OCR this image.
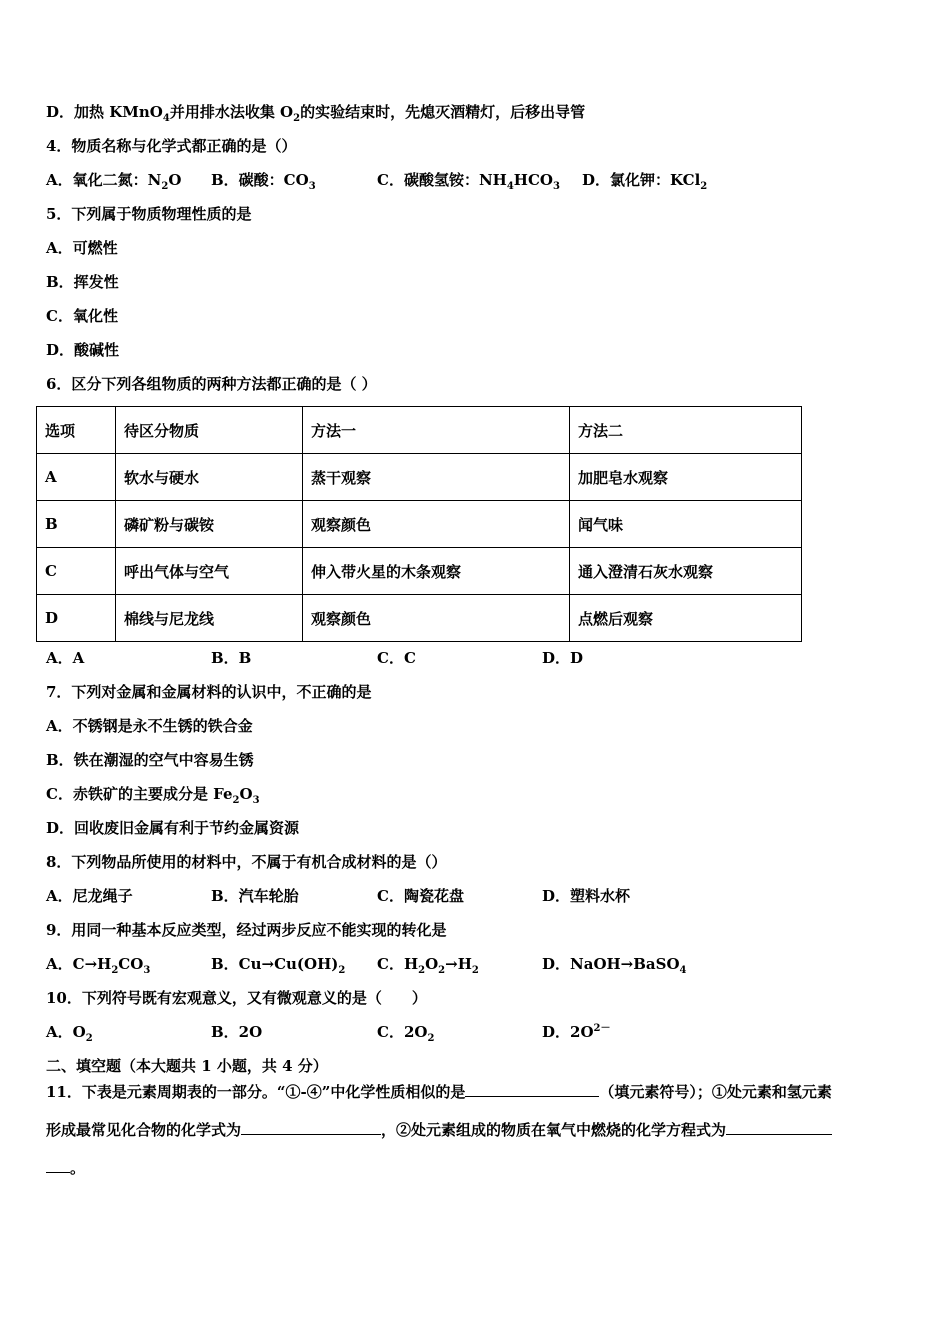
D．加热 KMnO$_4$并用排水法收集 $O_2$的实验结束时，先熄灭酒精灯，后移出导管
4．物质名称与化学式都正确的是（）
A．氧化二氮：$N_2O$ B．碳酸：$CO_3$	C．碳酸氢铵：$NH_4HCO_3$ D．氯化钾：KCl$_2$
5．下列属于物质物理性质的是
A．可燃性
B．挥发性
C．氧化性
D．酸碱性
6．区分下列各组物质的两种方法都正确的是（ ）
选项	待区分物质	方法一	方法二
A	软水与硬水	蒸干观察	加肥皂水观察
B	磷矿粉与碳铵	观察颜色	闻气味
C	呼出气体与空气	伸入带火星的木条观察	通入澄清石灰水观察
D	棉线与尼龙线	观察颜色	点燃后观察
A．A	B．B	C．C	D．D
7．下列对金属和金属材料的认识中，不正确的是
A．不锈钢是永不生锈的铁合金
B．铁在潮湿的空气中容易生锈
C．赤铁矿的主要成分是 $Fe_2O_3$
D．回收废旧金属有利于节约金属资源
8．下列物品所使用的材料中，不属于有机合成材料的是（）
A．尼龙绳子	B．汽车轮胎	C．陶瓷花盘	D．塑料水杯
9．用同一种基本反应类型，经过两步反应不能实现的转化是
A．$C\to H_2CO_3$	B．$Cu\to Cu(OH)_2$ C．$H_2O_2\to H_2$	D．NaOH→BaSO$_4$
10．下列符号既有宏观意义，又有微观意义的是（　　）
A．$O_2$	B．2O	C．$2O_2$	D．$2O^{2-}$
二、填空题（本大题共 1 小题，共 4 分）
11．下表是元素周期表的一部分。“①-④”中化学性质相似的是	（填元素符号）；①处元素和氢元素
形成最常见化合物的化学式为	，②处元素组成的物质在氧气中燃烧的化学方程式为
。
